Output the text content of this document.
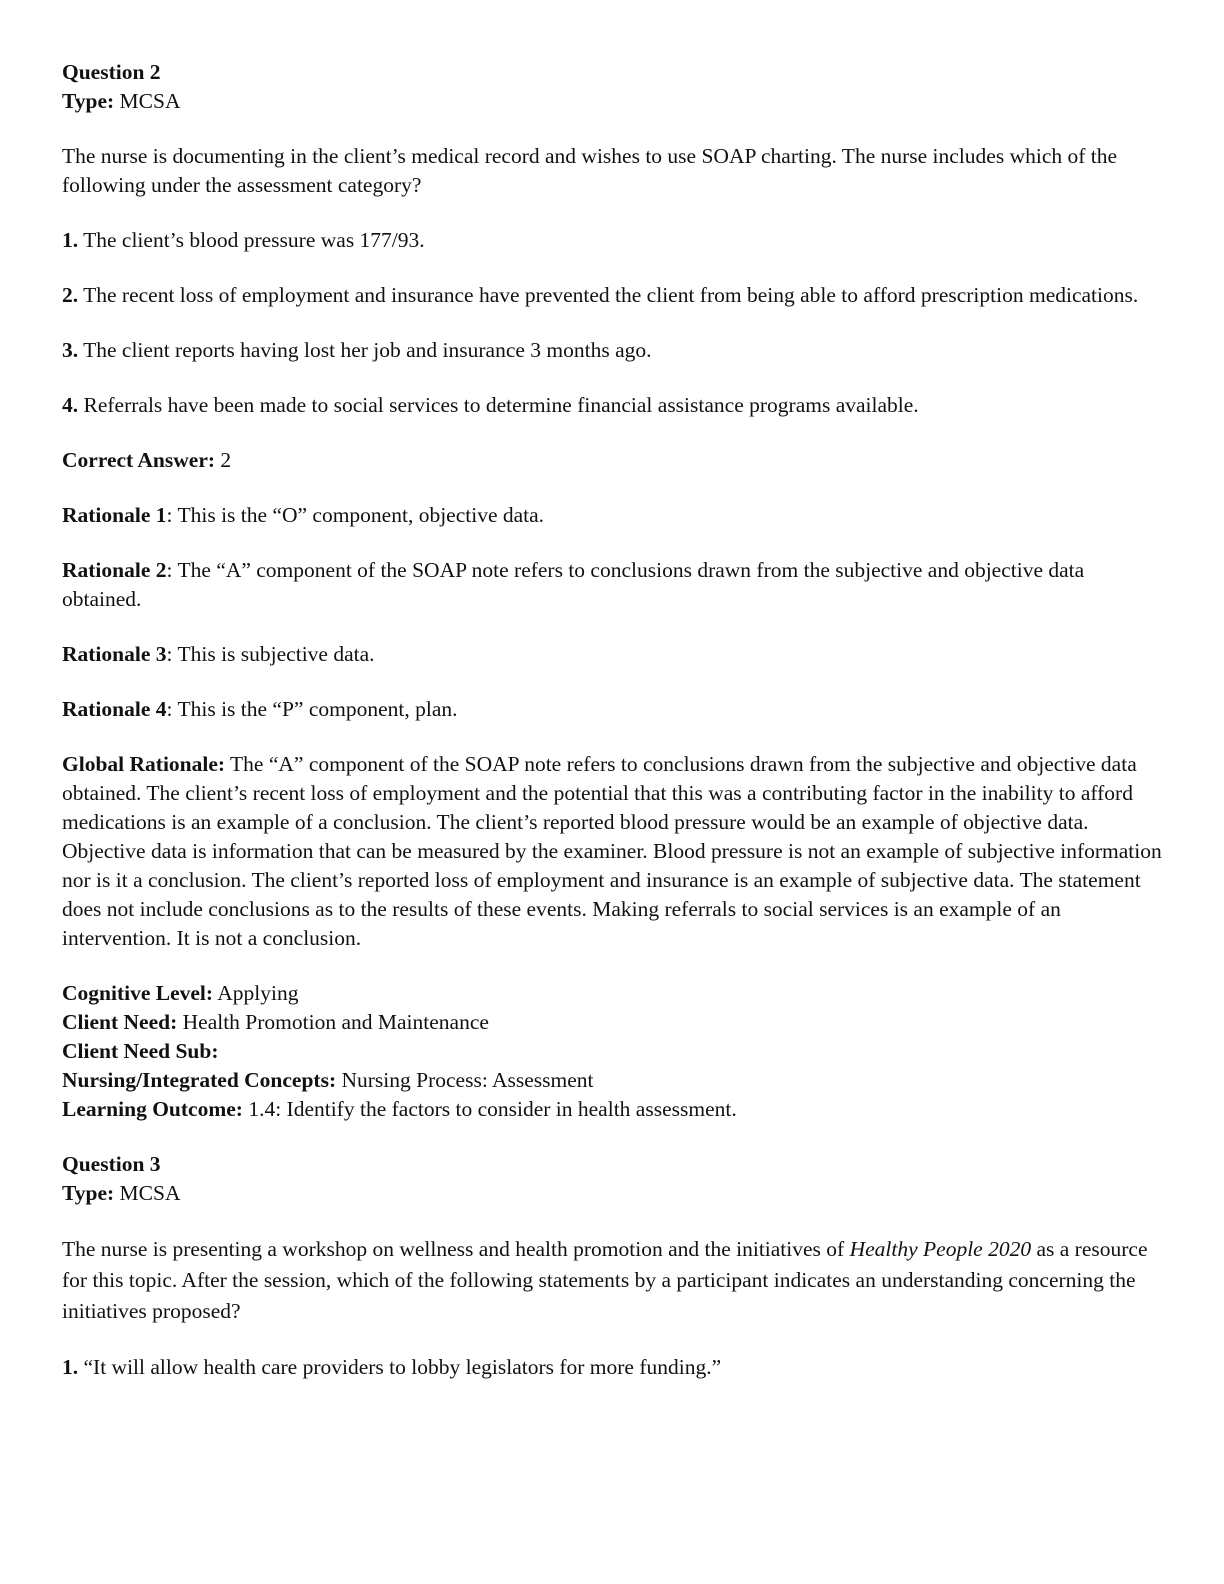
Question 2

Type: MCSA

The nurse is documenting in the client’s medical record and wishes to use SOAP charting. The nurse includes which of the following under the assessment category?

1. The client’s blood pressure was 177/93.

2. The recent loss of employment and insurance have prevented the client from being able to afford prescription medications.

3. The client reports having lost her job and insurance 3 months ago.

4. Referrals have been made to social services to determine financial assistance programs available.

Correct Answer: 2

Rationale 1: This is the “O” component, objective data.

Rationale 2: The “A” component of the SOAP note refers to conclusions drawn from the subjective and objective data obtained.

Rationale 3: This is subjective data.

Rationale 4: This is the “P” component, plan.

Global Rationale: The “A” component of the SOAP note refers to conclusions drawn from the subjective and objective data obtained. The client’s recent loss of employment and the potential that this was a contributing factor in the inability to afford medications is an example of a conclusion. The client’s reported blood pressure would be an example of objective data. Objective data is information that can be measured by the examiner. Blood pressure is not an example of subjective information nor is it a conclusion. The client’s reported loss of employment and insurance is an example of subjective data. The statement does not include conclusions as to the results of these events. Making referrals to social services is an example of an intervention. It is not a conclusion.

Cognitive Level: Applying

Client Need: Health Promotion and Maintenance

Client Need Sub:

Nursing/Integrated Concepts: Nursing Process: Assessment

Learning Outcome: 1.4: Identify the factors to consider in health assessment.

Question 3

Type: MCSA

The nurse is presenting a workshop on wellness and health promotion and the initiatives of Healthy People 2020 as a resource for this topic. After the session, which of the following statements by a participant indicates an understanding concerning the initiatives proposed?

1. “It will allow health care providers to lobby legislators for more funding.”
